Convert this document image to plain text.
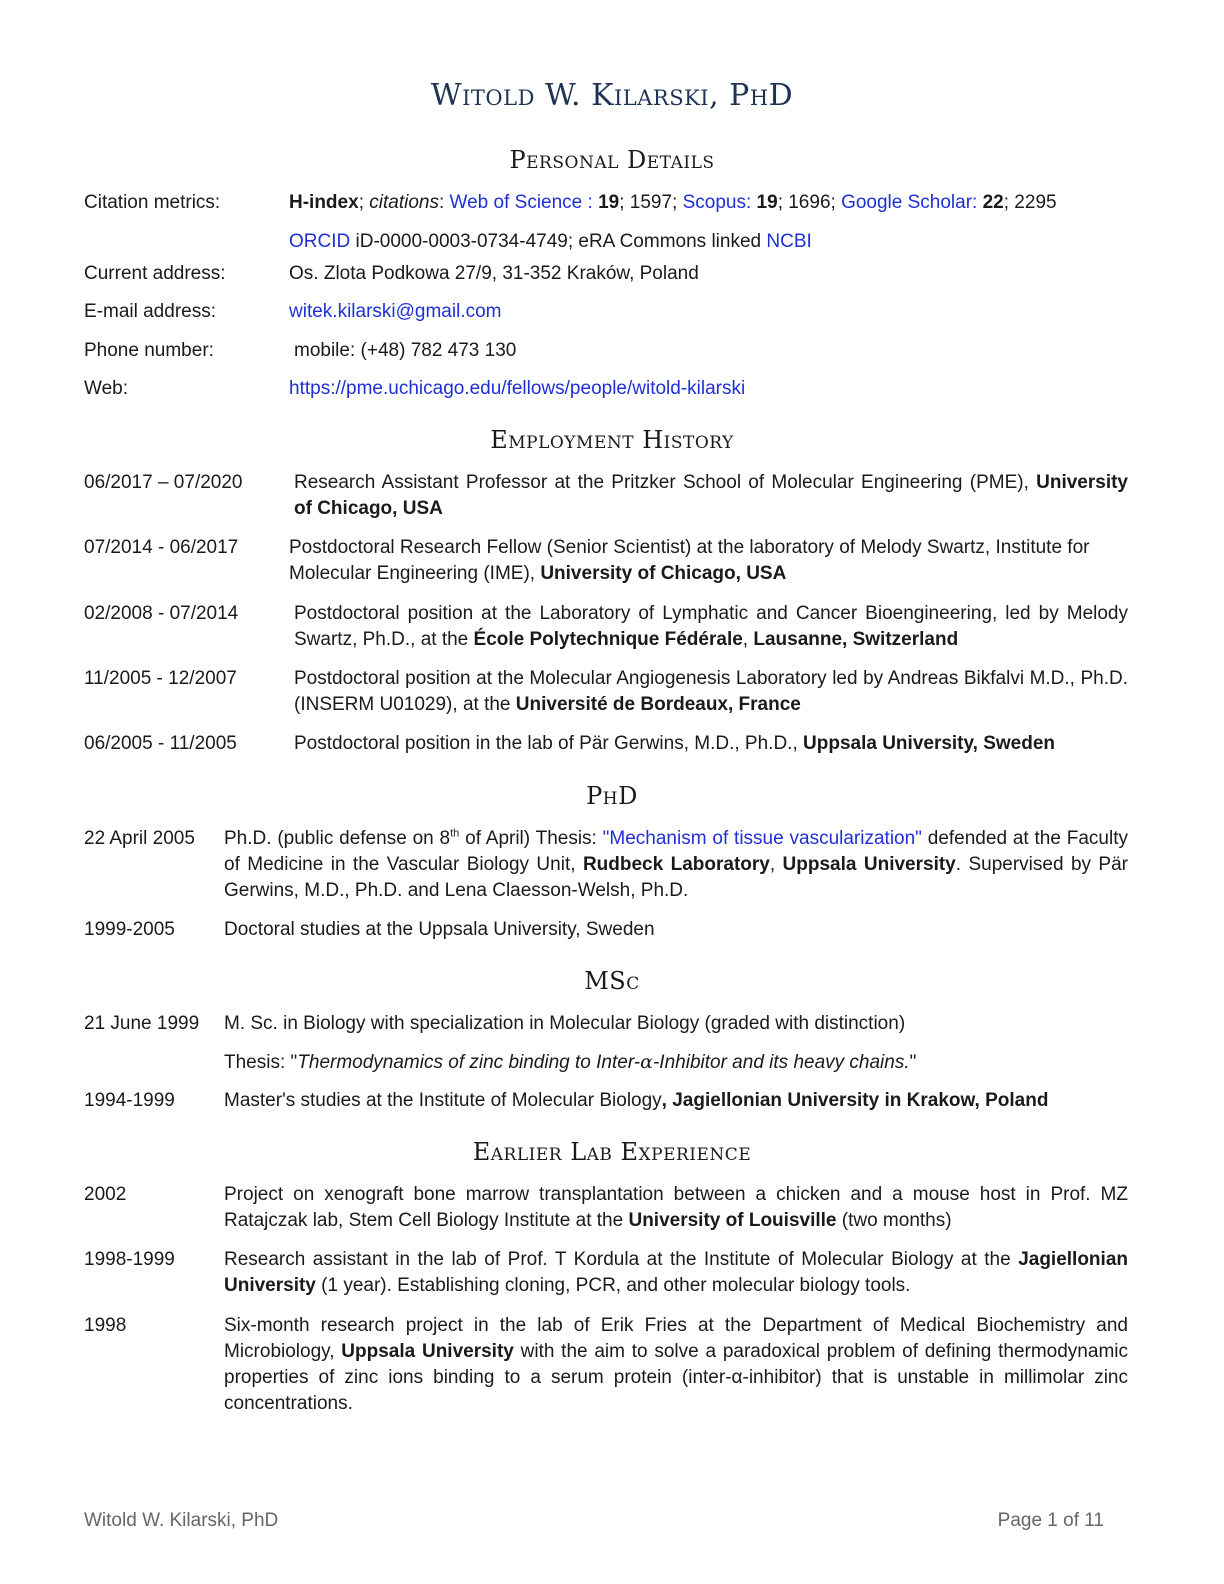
Witold W. Kilarski, PhD
Personal Details
Citation metrics:	H-index; citations: Web of Science : 19; 1597; Scopus: 19; 1696; Google Scholar: 22; 2295
ORCID iD-0000-0003-0734-4749; eRA Commons linked NCBI
Current address:	Os. Zlota Podkowa 27/9, 31-352 Kraków, Poland
E-mail address:	witek.kilarski@gmail.com
Phone number:	mobile: (+48) 782 473 130
Web:	https://pme.uchicago.edu/fellows/people/witold-kilarski
Employment History
06/2017 – 07/2020	Research Assistant Professor at the Pritzker School of Molecular Engineering (PME), University of Chicago, USA
07/2014 - 06/2017	Postdoctoral Research Fellow (Senior Scientist) at the laboratory of Melody Swartz, Institute for Molecular Engineering (IME), University of Chicago, USA
02/2008 - 07/2014	Postdoctoral position at the Laboratory of Lymphatic and Cancer Bioengineering, led by Melody Swartz, Ph.D., at the École Polytechnique Fédérale, Lausanne, Switzerland
11/2005 - 12/2007	Postdoctoral position at the Molecular Angiogenesis Laboratory led by Andreas Bikfalvi M.D., Ph.D. (INSERM U01029), at the Université de Bordeaux, France
06/2005 - 11/2005	Postdoctoral position in the lab of Pär Gerwins, M.D., Ph.D., Uppsala University, Sweden
PhD
22 April 2005 Ph.D. (public defense on 8th of April) Thesis: "Mechanism of tissue vascularization" defended at the Faculty of Medicine in the Vascular Biology Unit, Rudbeck Laboratory, Uppsala University. Supervised by Pär Gerwins, M.D., Ph.D. and Lena Claesson-Welsh, Ph.D.
1999-2005	Doctoral studies at the Uppsala University, Sweden
MSc
21 June 1999 M. Sc. in Biology with specialization in Molecular Biology (graded with distinction)
Thesis: "Thermodynamics of zinc binding to Inter-α-Inhibitor and its heavy chains."
1994-1999	Master's studies at the Institute of Molecular Biology, Jagiellonian University in Krakow, Poland
Earlier Lab Experience
2002	Project on xenograft bone marrow transplantation between a chicken and a mouse host in Prof. MZ Ratajczak lab, Stem Cell Biology Institute at the University of Louisville (two months)
1998-1999	Research assistant in the lab of Prof. T Kordula at the Institute of Molecular Biology at the Jagiellonian University (1 year). Establishing cloning, PCR, and other molecular biology tools.
1998	Six-month research project in the lab of Erik Fries at the Department of Medical Biochemistry and Microbiology, Uppsala University with the aim to solve a paradoxical problem of defining thermodynamic properties of zinc ions binding to a serum protein (inter-α-inhibitor) that is unstable in millimolar zinc concentrations.
Witold W. Kilarski, PhD	Page 1 of 11
